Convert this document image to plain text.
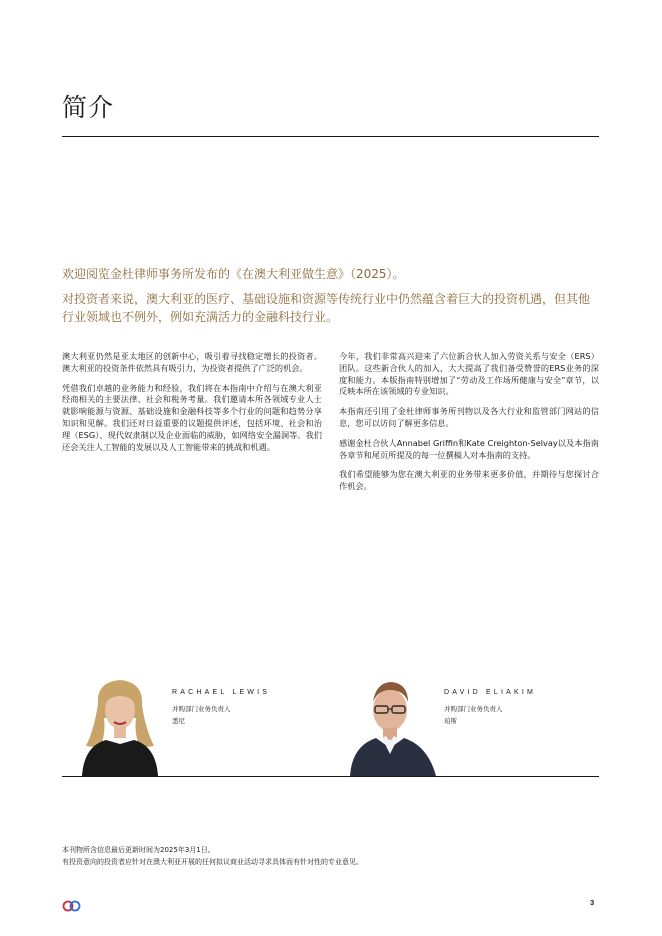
简介
欢迎阅览金杜律师事务所发布的《在澳大利亚做生意》（2025）。
对投资者来说，澳大利亚的医疗、基础设施和资源等传统行业中仍然蕴含着巨大的投资机遇，但其他行业领域也不例外，例如充满活力的金融科技行业。

澳大利亚仍然是亚太地区的创新中心，吸引着寻找稳定增长的投资者。澳大利亚的投资条件依然具有吸引力，为投资者提供了广泛的机会。

凭借我们卓越的业务能力和经验，我们将在本指南中介绍与在澳大利亚经商相关的主要法律、社会和税务考量。我们邀请本所各领域专业人士就影响能源与资源、基础设施和金融科技等多个行业的问题和趋势分享知识和见解。我们还对日益重要的议题提供评述，包括环境、社会和治理（ESG）、现代奴隶制以及企业面临的威胁，如网络安全漏洞等。我们还会关注人工智能的发展以及人工智能带来的挑战和机遇。

今年，我们非常高兴迎来了六位新合伙人加入劳资关系与安全（ERS）团队。这些新合伙人的加入，大大提高了我们备受赞誉的ERS业务的深度和能力。本版指南特别增加了“劳动及工作场所健康与安全”章节，以反映本所在该领域的专业知识。

本指南还引用了金杜律师事务所刊物以及各大行业和监管部门网站的信息，您可以访问了解更多信息。

感谢金杜合伙人Annabel Griffin和Kate Creighton-Selvay以及本指南各章节和尾页所提及的每一位撰稿人对本指南的支持。

我们希望能够为您在澳大利亚的业务带来更多价值，并期待与您探讨合作机会。

RACHAEL LEWIS
并购部门业务负责人
悉尼
DAVID ELIAKIM
并购部门业务负责人
珀斯
本刊物所含信息最后更新时间为2025年3月1日。
有投资意向的投资者应针对在澳大利亚开展的任何拟议商业活动寻求具体而有针对性的专业意见。
3
